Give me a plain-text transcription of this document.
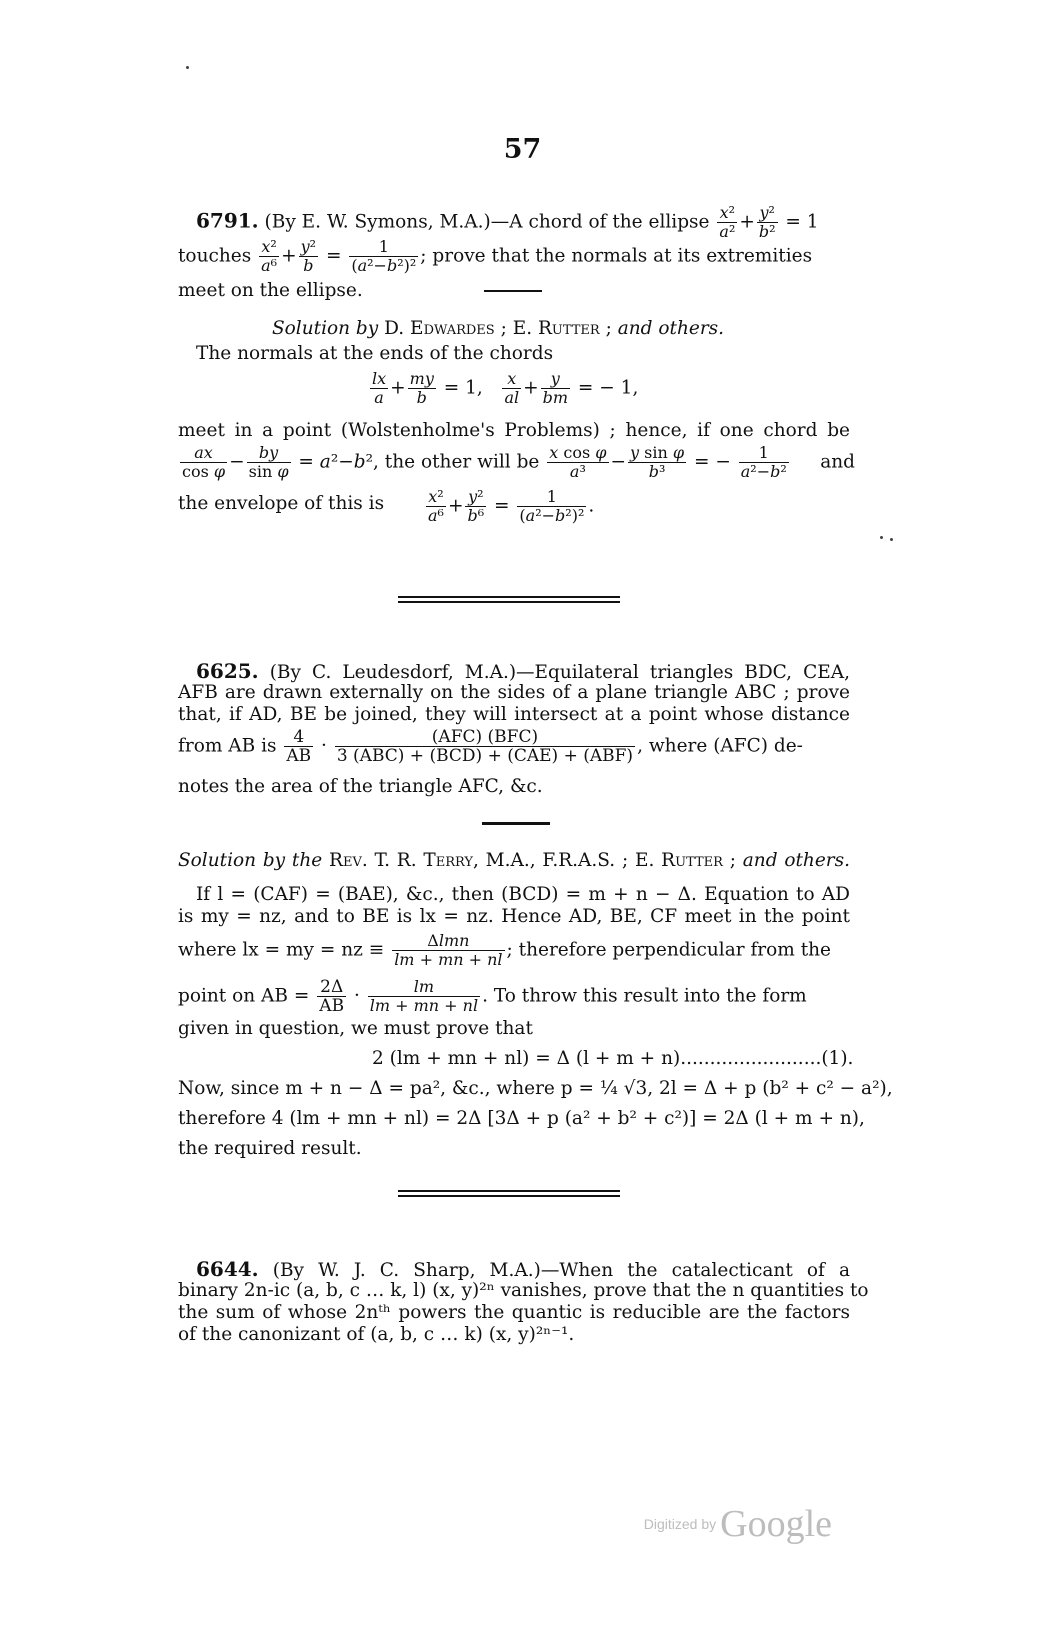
57
6791. (By E. W. Symons, M.A.)—A chord of the ellipse $\frac{\text{x²}}{\text{a²}} + \frac{\text{y²}}{\text{b²}} = 1$
touches $\frac{\text{x²}}{\text{a⁶}} + \frac{\text{y²}}{b} = \frac{1}{\text{(a²−b²)²}}$ ; prove that the normals at its extremities
meet on the ellipse.
Solution by D. Edwardes ; E. Rutter ; and others.
The normals at the ends of the chords
$\frac{lx}{a} + \frac{my}{b} = 1$, $\frac{x}{al} + \frac{y}{bm}$ = − 1,
meet in a point (Wolstenholme's Problems) ; hence, if one chord be
$\frac{ax}{\text{cos φ}} - \frac{by}{\text{sin φ}} = a^2-b^2$, the other will be $\frac{\text{x cos φ}}{\text{a³}} - \frac{\text{y sin φ}}{\text{b³}}$ = − $\frac{1}{\text{a²−b²}}$ and
the envelope of this is	$\frac{\text{x²}}{\text{a⁶}} + \frac{\text{y²}}{\text{b⁶}} = \frac{1}{\text{(a²−b²)²}}$ .
6625. (By C. Leudesdorf, M.A.)—Equilateral triangles BDC, CEA,
AFB are drawn externally on the sides of a plane triangle ABC ; prove
that, if AD, BE be joined, they will intersect at a point whose distance
from AB is $\frac{4}{AB} \cdot \frac{\text{(AFC) (BFC)}}{\text{3 (ABC) + (BCD) + (CAE) + (ABF)}}$ , where (AFC) de-
notes the area of the triangle AFC, &c.
Solution by the Rev. T. R. Terry, M.A., F.R.A.S. ; E. Rutter ; and others.
If l = (CAF) = (BAE), &c., then (BCD) = m + n − Δ. Equation to AD
is my = nz, and to BE is lx = nz. Hence AD, BE, CF meet in the point
where lx = my = nz ≡ $\frac{\text{Δlmn}}{lm + mn + nl}$ ; therefore perpendicular from the
point on AB = $\frac{2\Delta}{AB} \cdot \frac{lm}{lm + mn + nl}$ . To throw this result into the form
given in question, we must prove that
2 (lm + mn + nl) = Δ (l + m + n)........................(1).
Now, since m + n − Δ = pa², &c., where p = ¼ √3, 2l = Δ + p (b² + c² − a²),
therefore 4 (lm + mn + nl) = 2Δ [3Δ + p (a² + b² + c²)] = 2Δ (l + m + n),
the required result.
6644. (By W. J. C. Sharp, M.A.)—When the catalecticant of a
binary 2n-ic (a, b, c … k, l) (x, y)²ⁿ vanishes, prove that the n quantities to
the sum of whose 2nᵗʰ powers the quantic is reducible are the factors
of the canonizant of (a, b, c … k) (x, y)²ⁿ⁻¹.
Digitized by Google
